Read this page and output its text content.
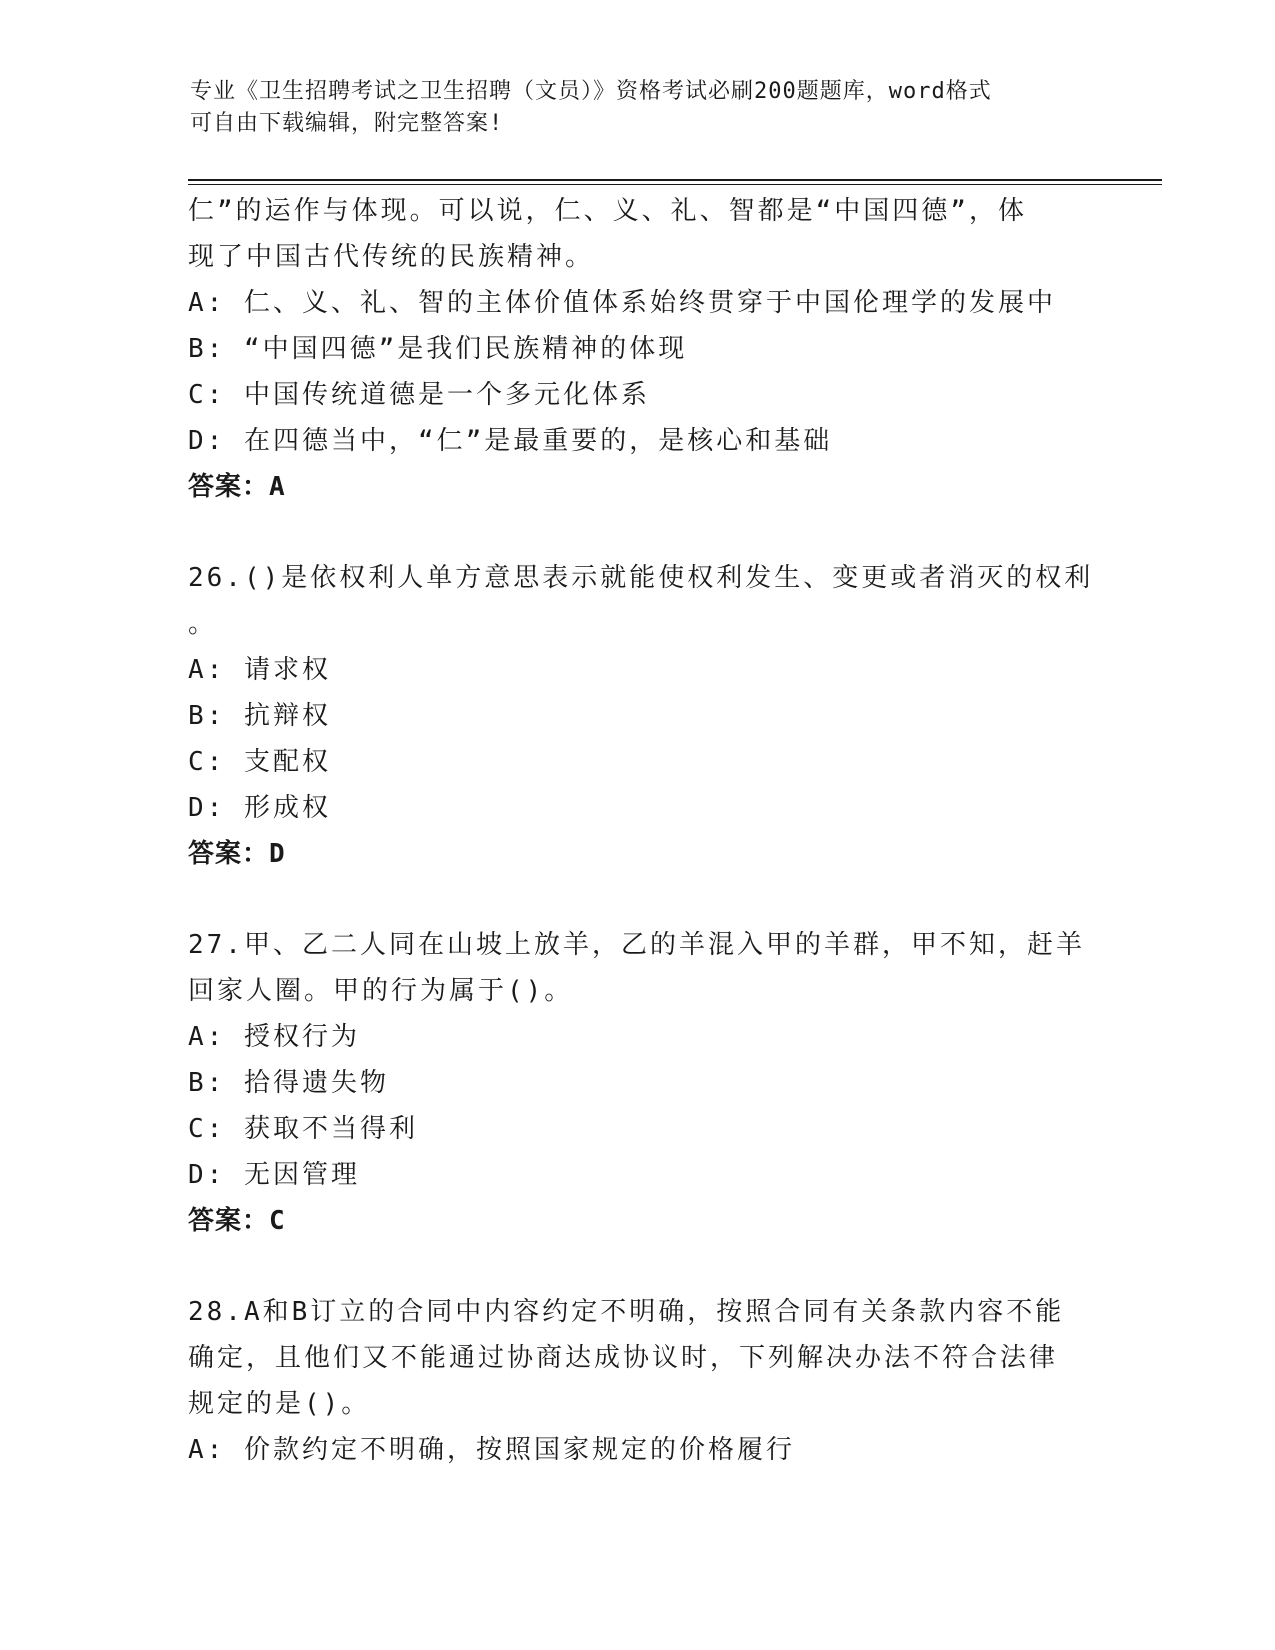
专业《卫生招聘考试之卫生招聘（文员）》资格考试必刷200题题库，word格式
可自由下载编辑，附完整答案!
仁”的运作与体现。可以说，仁、义、礼、智都是“中国四德”，体
现了中国古代传统的民族精神。
A: 仁、义、礼、智的主体价值体系始终贯穿于中国伦理学的发展中
B: “中国四德”是我们民族精神的体现
C: 中国传统道德是一个多元化体系
D: 在四德当中，“仁”是最重要的，是核心和基础
答案：A
26.()是依权利人单方意思表示就能使权利发生、变更或者消灭的权利
。
A: 请求权
B: 抗辩权
C: 支配权
D: 形成权
答案：D
27.甲、乙二人同在山坡上放羊，乙的羊混入甲的羊群，甲不知，赶羊
回家人圈。甲的行为属于()。
A: 授权行为
B: 拾得遗失物
C: 获取不当得利
D: 无因管理
答案：C
28.A和B订立的合同中内容约定不明确，按照合同有关条款内容不能
确定，且他们又不能通过协商达成协议时，下列解决办法不符合法律
规定的是()。
A: 价款约定不明确，按照国家规定的价格履行
